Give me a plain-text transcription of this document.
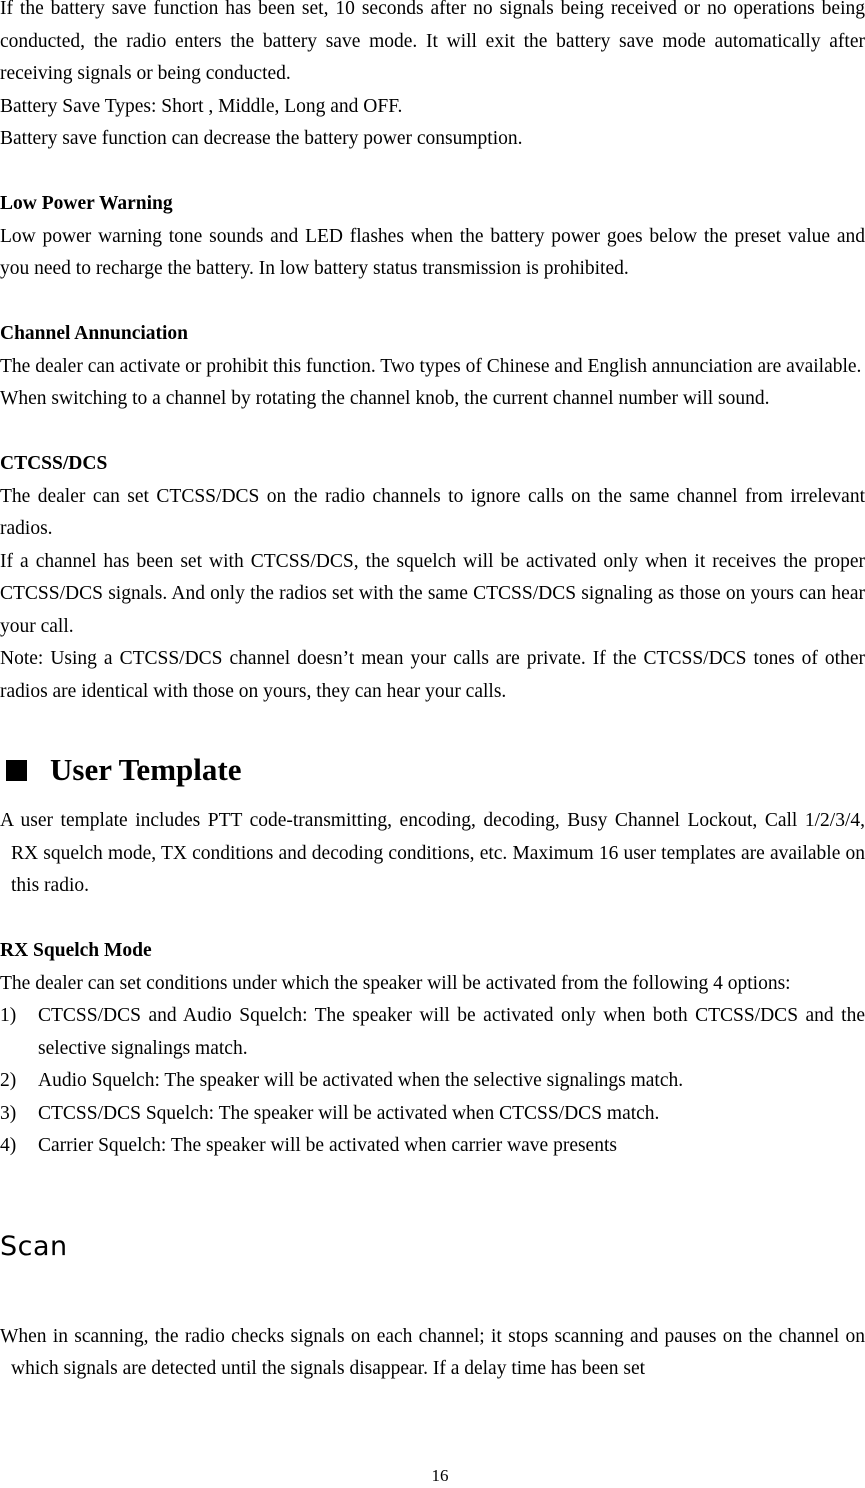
If the battery save function has been set, 10 seconds after no signals being received or no operations being conducted, the radio enters the battery save mode. It will exit the battery save mode automatically after receiving signals or being conducted.

Battery Save Types: Short , Middle, Long and OFF.

Battery save function can decrease the battery power consumption.

Low Power Warning

Low power warning tone sounds and LED flashes when the battery power goes below the preset value and you need to recharge the battery. In low battery status transmission is prohibited.

Channel Annunciation

The dealer can activate or prohibit this function. Two types of Chinese and English annunciation are available.

When switching to a channel by rotating the channel knob, the current channel number will sound.

CTCSS/DCS

The dealer can set CTCSS/DCS on the radio channels to ignore calls on the same channel from irrelevant radios.

If a channel has been set with CTCSS/DCS, the squelch will be activated only when it receives the proper CTCSS/DCS signals. And only the radios set with the same CTCSS/DCS signaling as those on yours can hear your call.

Note: Using a CTCSS/DCS channel doesn’t mean your calls are private. If the CTCSS/DCS tones of other radios are identical with those on yours, they can hear your calls.

User Template

A user template includes PTT code-transmitting, encoding, decoding, Busy Channel Lockout, Call 1/2/3/4, RX squelch mode, TX conditions and decoding conditions, etc. Maximum 16 user templates are available on this radio.

RX Squelch Mode

The dealer can set conditions under which the speaker will be activated from the following 4 options:

1) CTCSS/DCS and Audio Squelch: The speaker will be activated only when both CTCSS/DCS and the selective signalings match.
2) Audio Squelch: The speaker will be activated when the selective signalings match.
3) CTCSS/DCS Squelch: The speaker will be activated when CTCSS/DCS match.
4) Carrier Squelch: The speaker will be activated when carrier wave presents

Scan

When in scanning, the radio checks signals on each channel; it stops scanning and pauses on the channel on which signals are detected until the signals disappear. If a delay time has been set

16
